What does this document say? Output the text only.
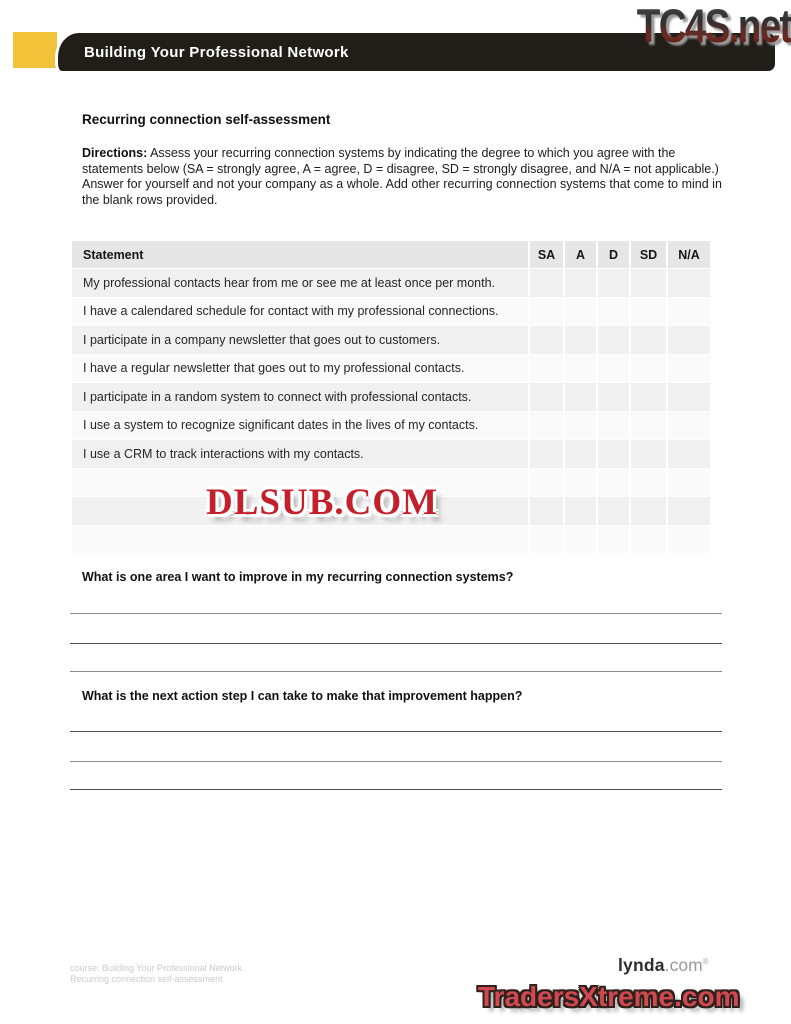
Building Your Professional Network	TC4S.net
Recurring connection self-assessment
Directions: Assess your recurring connection systems by indicating the degree to which you agree with the statements below (SA = strongly agree, A = agree, D = disagree, SD = strongly disagree, and N/A = not applicable.) Answer for yourself and not your company as a whole. Add other recurring connection systems that come to mind in the blank rows provided.
Statement	SA	A	D	SD	N/A
My professional contacts hear from me or see me at least once per month.					
I have a calendared schedule for contact with my professional connections.					
I participate in a company newsletter that goes out to customers.					
I have a regular newsletter that goes out to my professional contacts.					
I participate in a random system to connect with professional contacts.					
I use a system to recognize significant dates in the lives of my contacts.					
I use a CRM to track interactions with my contacts.					

DLSUB.COM
What is one area I want to improve in my recurring connection systems?
What is the next action step I can take to make that improvement happen?
course: Building Your Professional Network
Recurring connection self-assessment
lynda.com®
TradersXtreme.com
